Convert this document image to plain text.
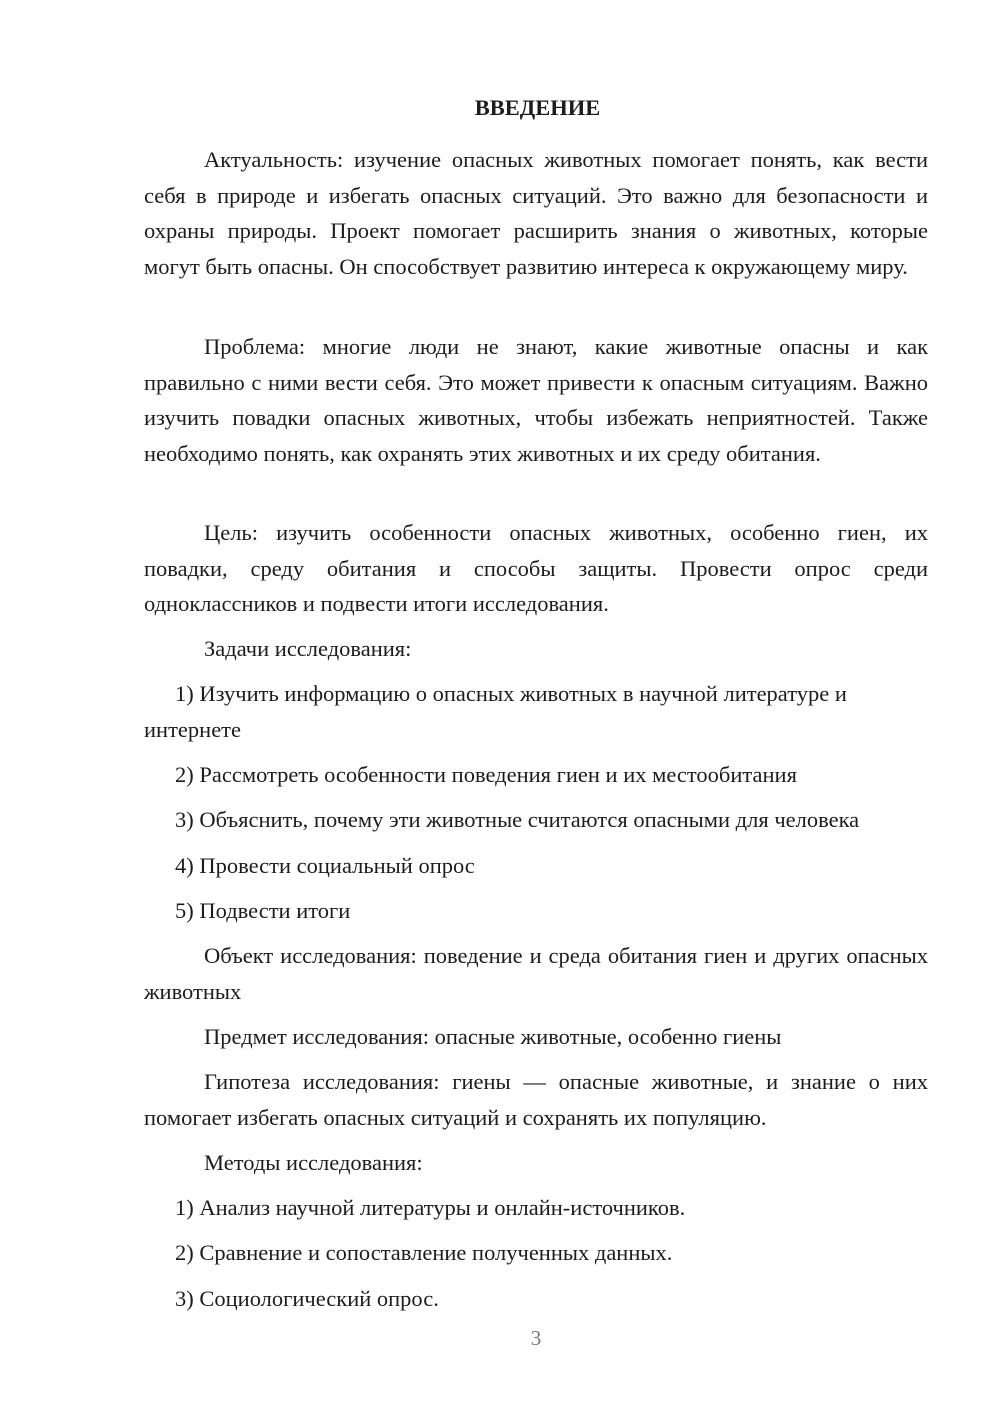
ВВЕДЕНИЕ

Актуальность: изучение опасных животных помогает понять, как вести себя в природе и избегать опасных ситуаций. Это важно для безопасности и охраны природы. Проект помогает расширить знания о животных, которые могут быть опасны. Он способствует развитию интереса к окружающему миру.

Проблема: многие люди не знают, какие животные опасны и как правильно с ними вести себя. Это может привести к опасным ситуациям. Важно изучить повадки опасных животных, чтобы избежать неприятностей. Также необходимо понять, как охранять этих животных и их среду обитания.

Цель: изучить особенности опасных животных, особенно гиен, их повадки, среду обитания и способы защиты. Провести опрос среди одноклассников и подвести итоги исследования.

Задачи исследования:

1) Изучить информацию о опасных животных в научной литературе и

интернете

2) Рассмотреть особенности поведения гиен и их местообитания

3) Объяснить, почему эти животные считаются опасными для человека

4) Провести социальный опрос

5) Подвести итоги

Объект исследования: поведение и среда обитания гиен и других опасных животных

Предмет исследования: опасные животные, особенно гиены

Гипотеза исследования: гиены — опасные животные, и знание о них помогает избегать опасных ситуаций и сохранять их популяцию.

Методы исследования:

1) Анализ научной литературы и онлайн-источников.

2) Сравнение и сопоставление полученных данных.

3) Социологический опрос.

3
